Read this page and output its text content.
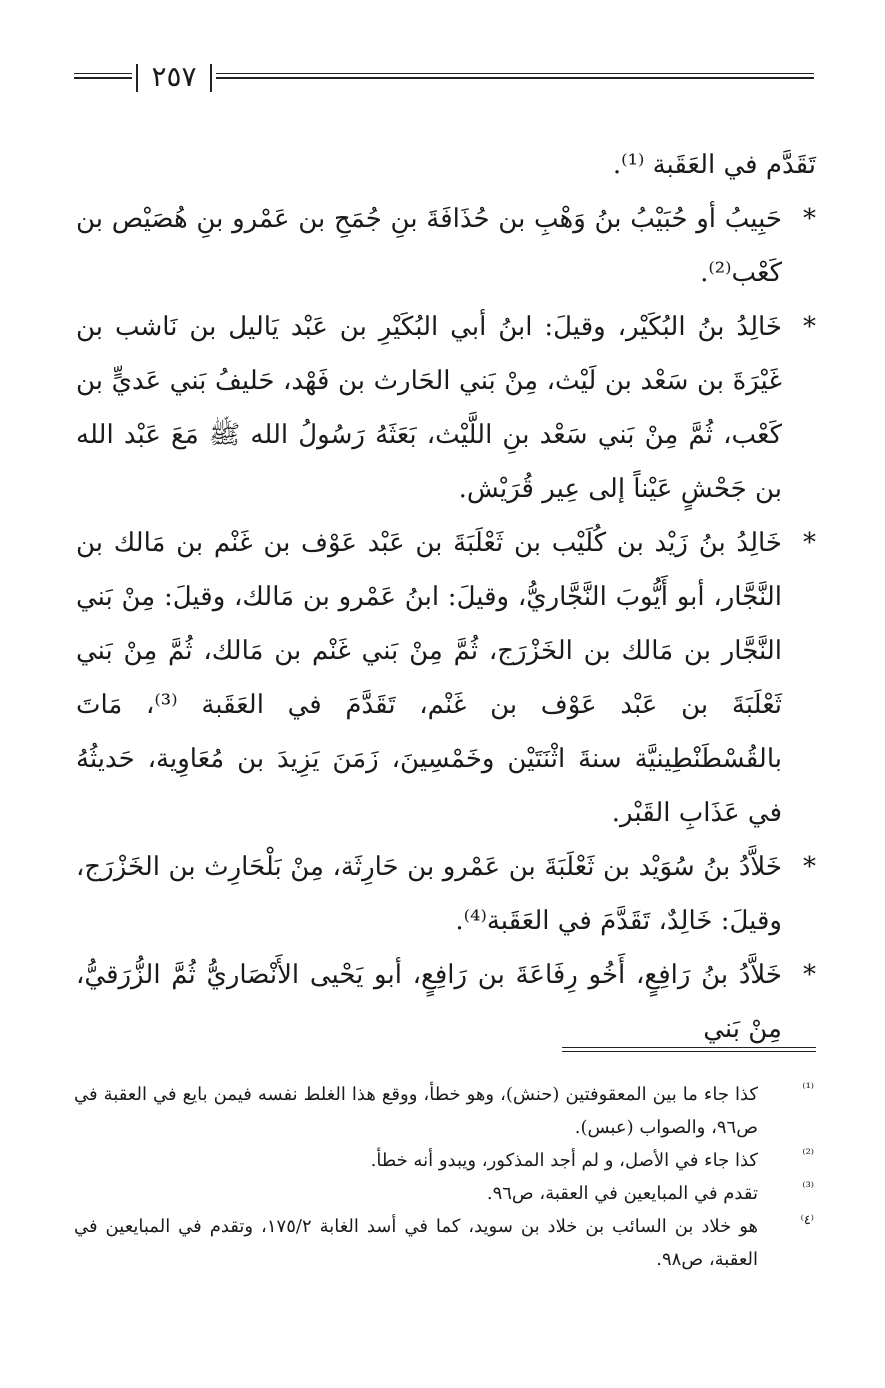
٢٥٧

تَقَدَّم في العَقَبة ⁽¹⁾.

*
حَبِيبُ أو حُبَيْبُ بنُ وَهْبِ بن حُذَافَةَ بنِ جُمَحِ بن عَمْرو بنِ هُصَيْص بن كَعْب⁽²⁾.

*
خَالِدُ بنُ البُكَيْر، وقيلَ: ابنُ أبي البُكَيْرِ بن عَبْد يَاليل بن نَاشب بن غَيْرَةَ بن سَعْد بن لَيْث، مِنْ بَني الحَارث بن فَهْد، حَليفُ بَني عَديٍّ بن كَعْب، ثُمَّ مِنْ بَني سَعْد بنِ اللَّيْث، بَعَثَهُ رَسُولُ الله ﷺ مَعَ عَبْد الله بن جَحْشٍ عَيْناً إلى عِير قُرَيْش.

*
خَالِدُ بنُ زَيْد بن كُلَيْب بن ثَعْلَبَةَ بن عَبْد عَوْف بن غَنْم بن مَالك بن النَّجَّار، أبو أَيُّوبَ النَّجَّاريُّ، وقيلَ: ابنُ عَمْرو بن مَالك، وقيلَ: مِنْ بَني النَّجَّار بن مَالك بن الخَزْرَج، ثُمَّ مِنْ بَني غَنْم بن مَالك، ثُمَّ مِنْ بَني ثَعْلَبَةَ بن عَبْد عَوْف بن غَنْم، تَقَدَّمَ في العَقَبة ⁽³⁾، مَاتَ بالقُسْطَنْطِينيَّة سنةَ اثْنَتَيْن وخَمْسِينَ، زَمَنَ يَزِيدَ بن مُعَاوِية، حَديثُهُ في عَذَابِ القَبْر.

*
خَلاَّدُ بنُ سُوَيْد بن ثَعْلَبَةَ بن عَمْرو بن حَارِثَة، مِنْ بَلْحَارِث بن الخَزْرَج، وقيلَ: خَالِدٌ، تَقَدَّمَ في العَقَبة⁽⁴⁾.

*
خَلاَّدُ بنُ رَافِعٍ، أَخُو رِفَاعَةَ بن رَافِعٍ، أبو يَحْيى الأَنْصَاريُّ ثُمَّ الزُّرَقيُّ، مِنْ بَني

⁽¹⁾
كذا جاء ما بين المعقوفتين (حنش)، وهو خطأ، ووقع هذا الغلط نفسه فيمن بايع في العقبة في ص٩٦، والصواب (عبس).
⁽²⁾
كذا جاء في الأصل، و لم أجد المذكور، ويبدو أنه خطأ.
⁽³⁾
تقدم في المبايعين في العقبة، ص٩٦.
⁽٤⁾
هو خلاد بن السائب بن خلاد بن سويد، كما في أسد الغابة ١٧٥/٢، وتقدم في المبايعين في العقبة، ص٩٨.
